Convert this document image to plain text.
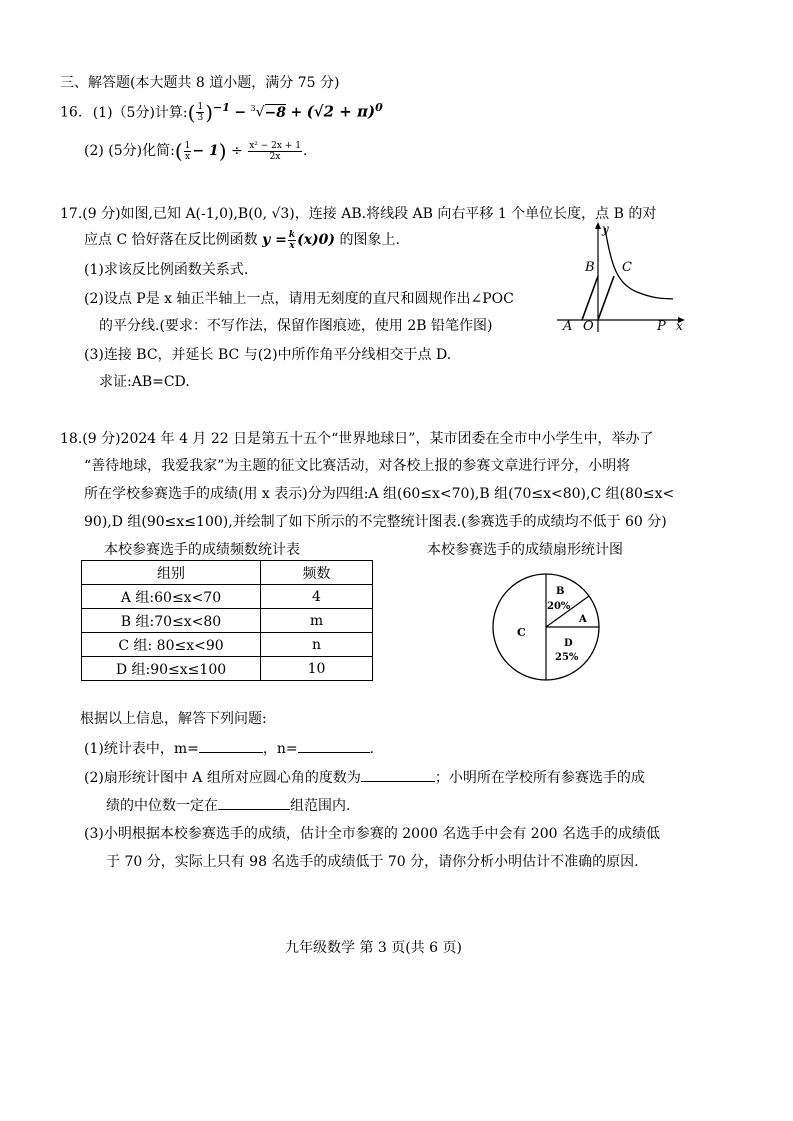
三、解答题(本大题共 8 道小题，满分 75 分)
16. (1)（5分)计算:( $\frac{1}{3} )^{-1} - ^3√-8 + (√2 + \pi)^0$
(2) (5分)化简:( $\frac{1}{x} - 1) \div \frac{\text{x² − 2x + 1}}{2x}$ .
17.(9 分)如图,已知 A(-1,0),B(0, √3)，连接 AB.将线段 AB 向右平移 1 个单位长度，点 B 的对
应点 C 恰好落在反比例函数 $y = \frac{k}{x} (x)0$) 的图象上.
(1)求该反比例函数关系式.
(2)设点 P是 x 轴正半轴上一点，请用无刻度的直尺和圆规作出∠POC
的平分线.(要求：不写作法，保留作图痕迹，使用 2B 铅笔作图)
(3)连接 BC，并延长 BC 与(2)中所作角平分线相交于点 D.
求证:AB=CD.
y
B C
A O	P x
18.(9 分)2024 年 4 月 22 日是第五十五个“世界地球日”，某市团委在全市中小学生中，举办了
“善待地球，我爱我家”为主题的征文比赛活动，对各校上报的参赛文章进行评分，小明将
所在学校参赛选手的成绩(用 x 表示)分为四组:A 组(60≤x<70),B 组(70≤x<80),C 组(80≤x<
90),D 组(90≤x≤100),并绘制了如下所示的不完整统计图表.(参赛选手的成绩均不低于 60 分)
本校参赛选手的成绩频数统计表	本校参赛选手的成绩扇形统计图
组别	频数
A 组:60≤x<70	4
B 组:70≤x<80	m
C 组: 80≤x<90	n
D 组:90≤x≤100	10
B
20%
A
C
D
25%
根据以上信息，解答下列问题:
(1)统计表中，m=	，n=	.
(2)扇形统计图中 A 组所对应圆心角的度数为	；小明所在学校所有参赛选手的成
绩的中位数一定在	组范围内.
(3)小明根据本校参赛选手的成绩，估计全市参赛的 2000 名选手中会有 200 名选手的成绩低
于 70 分，实际上只有 98 名选手的成绩低于 70 分，请你分析小明估计不准确的原因.
九年级数学 第 3 页(共 6 页)
